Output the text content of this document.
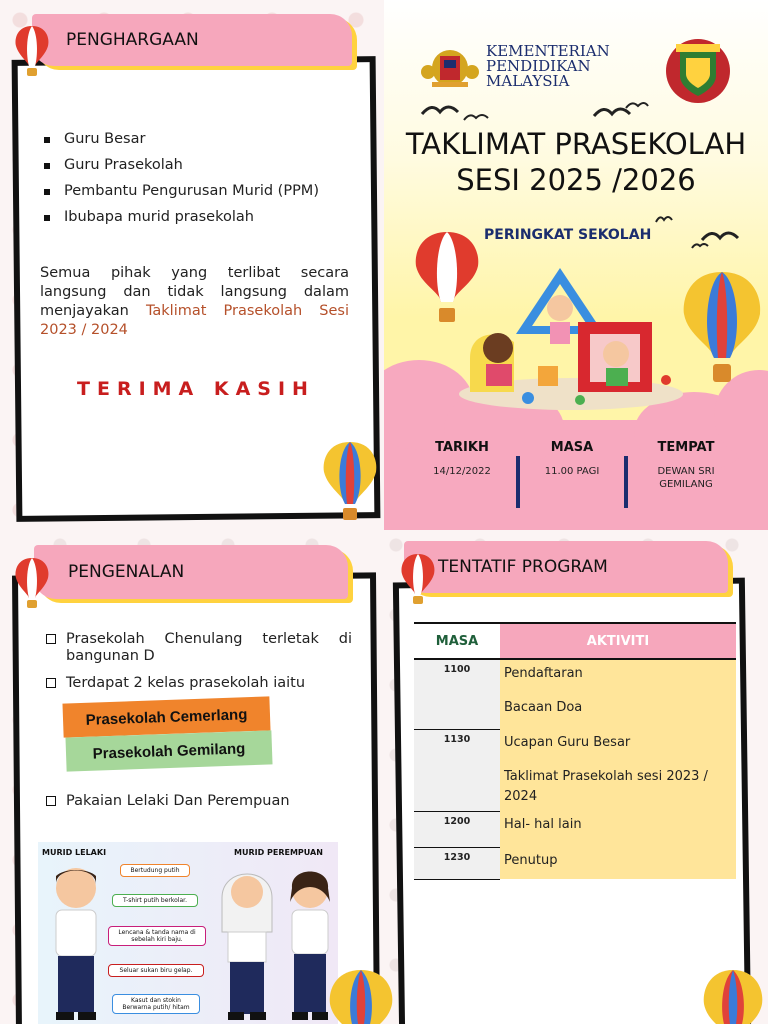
PENGHARGAAN
Guru Besar
Guru Prasekolah
Pembantu Pengurusan Murid (PPM)
Ibubapa murid prasekolah

Semua pihak yang terlibat secara langsung dan tidak langsung dalam menjayakan Taklimat Prasekolah Sesi 2023 / 2024

TERIMA KASIH
KEMENTERIAN
PENDIDIKAN
MALAYSIA
TAKLIMAT PRASEKOLAH
SESI 2025 /2026
PERINGKAT SEKOLAH
TARIKH
14/12/2022
MASA
11.00 PAGI
TEMPAT
DEWAN SRI GEMILANG
PENGENALAN
Prasekolah Chenulang terletak di bangunan D
Terdapat 2 kelas prasekolah iaitu
Prasekolah Cemerlang
Prasekolah Gemilang
Pakaian Lelaki Dan Perempuan
MURID LELAKI	MURID PEREMPUAN
Bertudung putih
T-shirt putih berkolar.
Lencana & tanda nama di sebelah kiri baju.
Seluar sukan biru gelap.
Kasut dan stokin Berwarna putih/ hitam
TENTATIF PROGRAM
MASA	AKTIVITI
1100	Pendaftaran
Bacaan Doa

1130	Ucapan Guru Besar
Taklimat Prasekolah sesi 2023 / 2024

1200	Hal- hal lain

1230	Penutup
